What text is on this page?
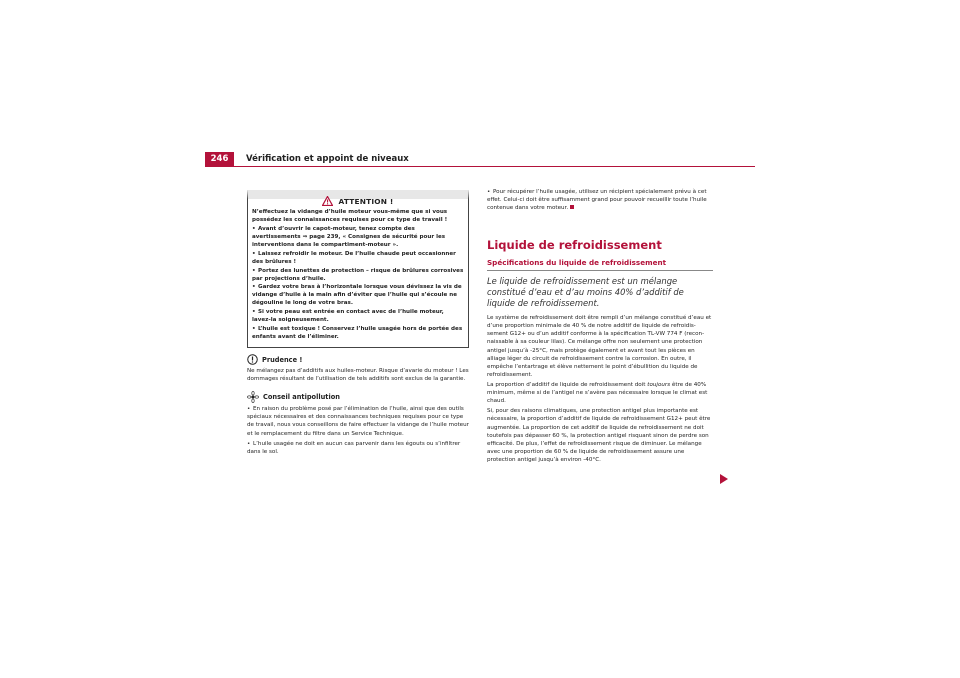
246	Vérification et appoint de niveaux
ATTENTION !

N’effectuez la vidange d’huile moteur vous-même que si vous possédez les connaissances requises pour ce type de travail !

• Avant d’ouvrir le capot-moteur, tenez compte des avertissements ⇒ page 239, « Consignes de sécurité pour les interventions dans le compartiment-moteur ».

• Laissez refroidir le moteur. De l’huile chaude peut occasionner des brûlures !

• Portez des lunettes de protection – risque de brûlures corrosives par projections d’huile.

• Gardez votre bras à l’horizontale lorsque vous dévissez la vis de vidange d’huile à la main afin d’éviter que l’huile qui s’écoule ne dégouline le long de votre bras.

• Si votre peau est entrée en contact avec de l’huile moteur, lavez-la soigneusement.

• L’huile est toxique ! Conservez l’huile usagée hors de portée des enfants avant de l’éliminer.

Prudence !

Ne mélangez pas d’additifs aux huiles-moteur. Risque d’avarie du moteur ! Les dommages résultant de l’utilisation de tels additifs sont exclus de la garantie.

Conseil antipollution

• En raison du problème posé par l’élimination de l’huile, ainsi que des outils spéciaux nécessaires et des connaissances techniques requises pour ce type de travail, nous vous conseillons de faire effectuer la vidange de l’huile moteur et le remplacement du filtre dans un Service Technique.

• L’huile usagée ne doit en aucun cas parvenir dans les égouts ou s’infiltrer dans le sol.

• Pour récupérer l’huile usagée, utilisez un récipient spécialement prévu à cet effet. Celui-ci doit être suffisamment grand pour pouvoir recueillir toute l’huile contenue dans votre moteur.

Liquide de refroidissement
Spécifications du liquide de refroidissement

Le liquide de refroidissement est un mélange constitué d’eau et d’au moins 40% d’additif de liquide de refroidissement.

Le système de refroidissement doit être rempli d’un mélange constitué d’eau et d’une proportion minimale de 40 % de notre additif de liquide de refroidis-sement G12+ ou d’un additif conforme à la spécification TL-VW 774 F (recon-naissable à sa couleur lilas). Ce mélange offre non seulement une protection antigel jusqu’à -25°C, mais protège également et avant tout les pièces en alliage léger du circuit de refroidissement contre la corrosion. En outre, il empêche l’entartrage et élève nettement le point d’ébullition du liquide de refroidissement.

La proportion d’additif de liquide de refroidissement doit toujours être de 40% minimum, même si de l’antigel ne s’avère pas nécessaire lorsque le climat est chaud.

Si, pour des raisons climatiques, une protection antigel plus importante est nécessaire, la proportion d’additif de liquide de refroidissement G12+ peut être augmentée. La proportion de cet additif de liquide de refroidissement ne doit toutefois pas dépasser 60 %, la protection antigel risquant sinon de perdre son efficacité. De plus, l’effet de refroidissement risque de diminuer. Le mélange avec une proportion de 60 % de liquide de refroidissement assure une protection antigel jusqu’à environ -40°C.
